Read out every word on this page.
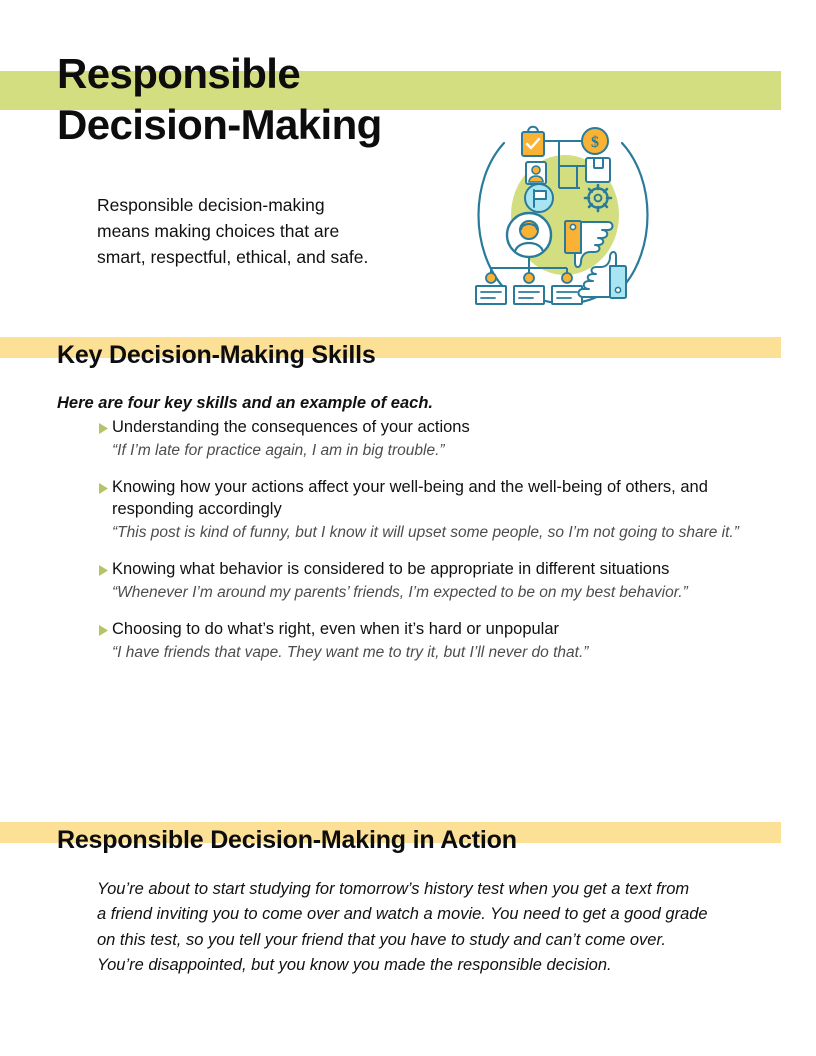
Responsible
Decision-Making

Responsible decision-making
means making choices that are
smart, respectful, ethical, and safe.

$
Key Decision-Making Skills

Here are four key skills and an example of each.

Understanding the consequences of your actions
“If I’m late for practice again, I am in big trouble.”
Knowing how your actions affect your well-being and the well-being of others, and responding accordingly
“This post is kind of funny, but I know it will upset some people, so I’m not going to share it.”
Knowing what behavior is considered to be appropriate in different situations
“Whenever I’m around my parents’ friends, I’m expected to be on my best behavior.”
Choosing to do what’s right, even when it’s hard or unpopular
“I have friends that vape. They want me to try it, but I’ll never do that.”
Responsible Decision-Making in Action

You’re about to start studying for tomorrow’s history test when you get a text from
a friend inviting you to come over and watch a movie. You need to get a good grade
on this test, so you tell your friend that you have to study and can’t come over.
You’re disappointed, but you know you made the responsible decision.
